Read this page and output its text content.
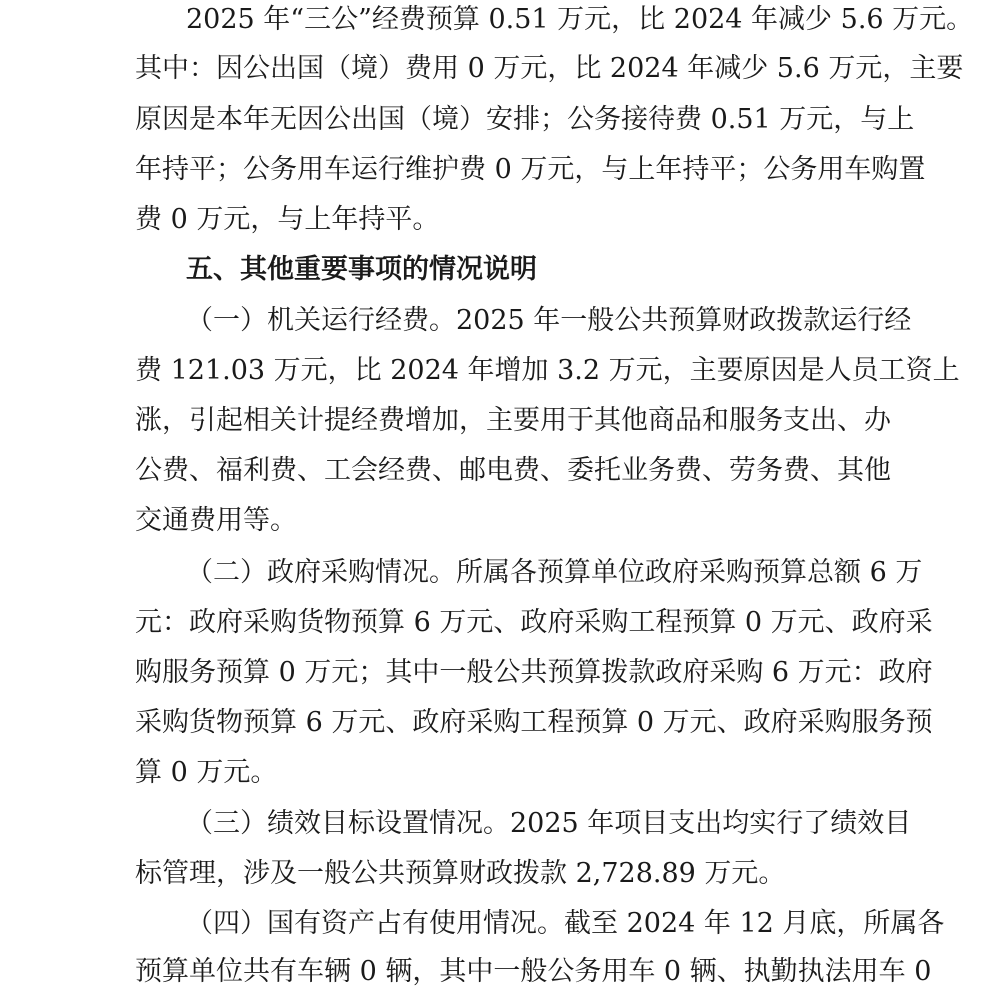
2025 年“三公”经费预算 0.51 万元，比 2024 年减少 5.6 万元。
其中：因公出国（境）费用 0 万元，比 2024 年减少 5.6 万元，主要
原因是本年无因公出国（境）安排；公务接待费 0.51 万元，与上
年持平；公务用车运行维护费 0 万元，与上年持平；公务用车购置
费 0 万元，与上年持平。
五、其他重要事项的情况说明
（一）机关运行经费。2025 年一般公共预算财政拨款运行经
费 121.03 万元，比 2024 年增加 3.2 万元，主要原因是人员工资上
涨，引起相关计提经费增加，主要用于其他商品和服务支出、办
公费、福利费、工会经费、邮电费、委托业务费、劳务费、其他
交通费用等。
（二）政府采购情况。所属各预算单位政府采购预算总额 6 万
元：政府采购货物预算 6 万元、政府采购工程预算 0 万元、政府采
购服务预算 0 万元；其中一般公共预算拨款政府采购 6 万元：政府
采购货物预算 6 万元、政府采购工程预算 0 万元、政府采购服务预
算 0 万元。
（三）绩效目标设置情况。2025 年项目支出均实行了绩效目
标管理，涉及一般公共预算财政拨款 2,728.89 万元。
（四）国有资产占有使用情况。截至 2024 年 12 月底，所属各
预算单位共有车辆 0 辆，其中一般公务用车 0 辆、执勤执法用车 0
